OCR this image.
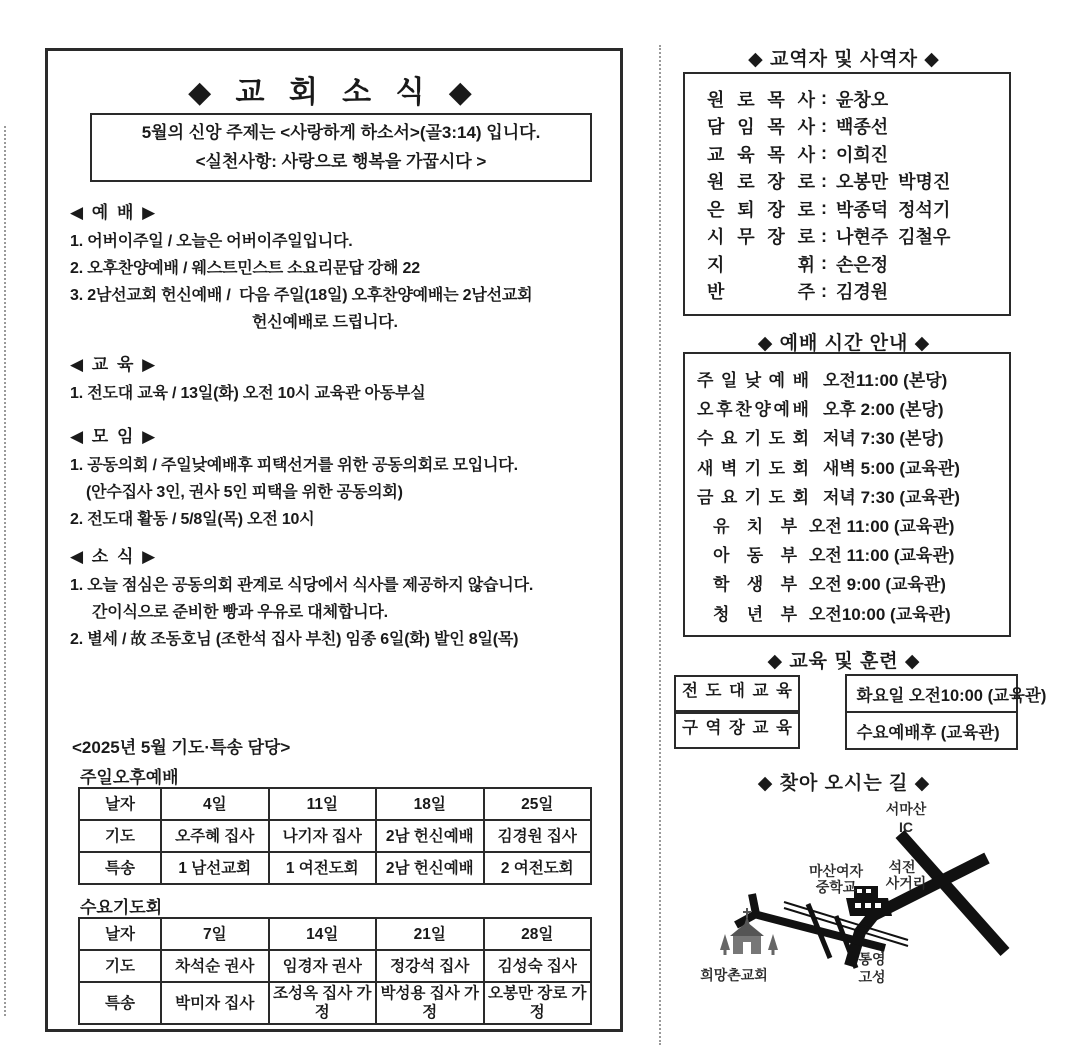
◆ 교 회 소 식 ◆
5월의 신앙 주제는 <사랑하게 하소서>(골3:14) 입니다.
<실천사항: 사랑으로 행복을 가꿉시다 >
◀ 예 배 ▶
1. 어버이주일 / 오늘은 어버이주일입니다.
2. 오후찬양예배 / 웨스트민스트 소요리문답 강해 22
3. 2남선교회 헌신예배 /  다음 주일(18일) 오후찬양예배는 2남선교회
헌신예배로 드립니다.
◀ 교 육 ▶
1. 전도대 교육 / 13일(화) 오전 10시 교육관 아동부실
◀ 모 임 ▶
1. 공동의회 / 주일낮예배후 피택선거를 위한 공동의회로 모입니다.
(안수집사 3인, 권사 5인 피택을 위한 공동의회)
2. 전도대 활동 / 5/8일(목) 오전 10시
◀ 소 식 ▶
1. 오늘 점심은 공동의회 관계로 식당에서 식사를 제공하지 않습니다.
간이식으로 준비한 빵과 우유로 대체합니다.
2. 별세 / 故 조동호님 (조한석 집사 부친) 임종 6일(화) 발인 8일(목)
<2025년 5월 기도·특송 담당>
주일오후예배
날자	4일	11일	18일	25일
기도	오주혜 집사	나기자 집사	2남 헌신예배	김경원 집사
특송	1 남선교회	1 여전도회	2남 헌신예배	2 여전도회
수요기도회
날자	7일	14일	21일	28일
기도	차석순 권사	임경자 권사	정강석 집사	김성숙 집사
특송	박미자 집사	조성옥 집사 가정	박성용 집사 가정	오봉만 장로 가정
◆ 교역자 및 사역자 ◆
원 로 목 사 : 윤창오
담 임 목 사 : 백종선
교 육 목 사 : 이희진
원 로 장 로 : 오봉만  박명진
은 퇴 장 로 : 박종덕  정석기
시 무 장 로 : 나현주  김철우
지	휘 : 손은정
반	주 : 김경원
◆ 예배 시간 안내 ◆
주 일 낮 예 배 오전11:00 (본당)
오 후 찬 양 예 배 오후 2:00 (본당)
수 요 기 도 회 저녁 7:30 (본당)
새 벽 기 도 회 새벽 5:00 (교육관)
금 요 기 도 회 저녁 7:30 (교육관)
유 치 부 오전 11:00 (교육관)
아 동 부 오전 11:00 (교육관)
학 생 부 오전 9:00 (교육관)
청 년 부 오전10:00 (교육관)
◆ 교육 및 훈련 ◆
전 도 대 교 육	화요일 오전10:00 (교육관)

구 역 장 교 육	수요예배후 (교육관)
◆ 찾아 오시는 길 ◆
서마산
IC
마산여자
중학교
석전
사거리
희망촌교회
통영
고성
